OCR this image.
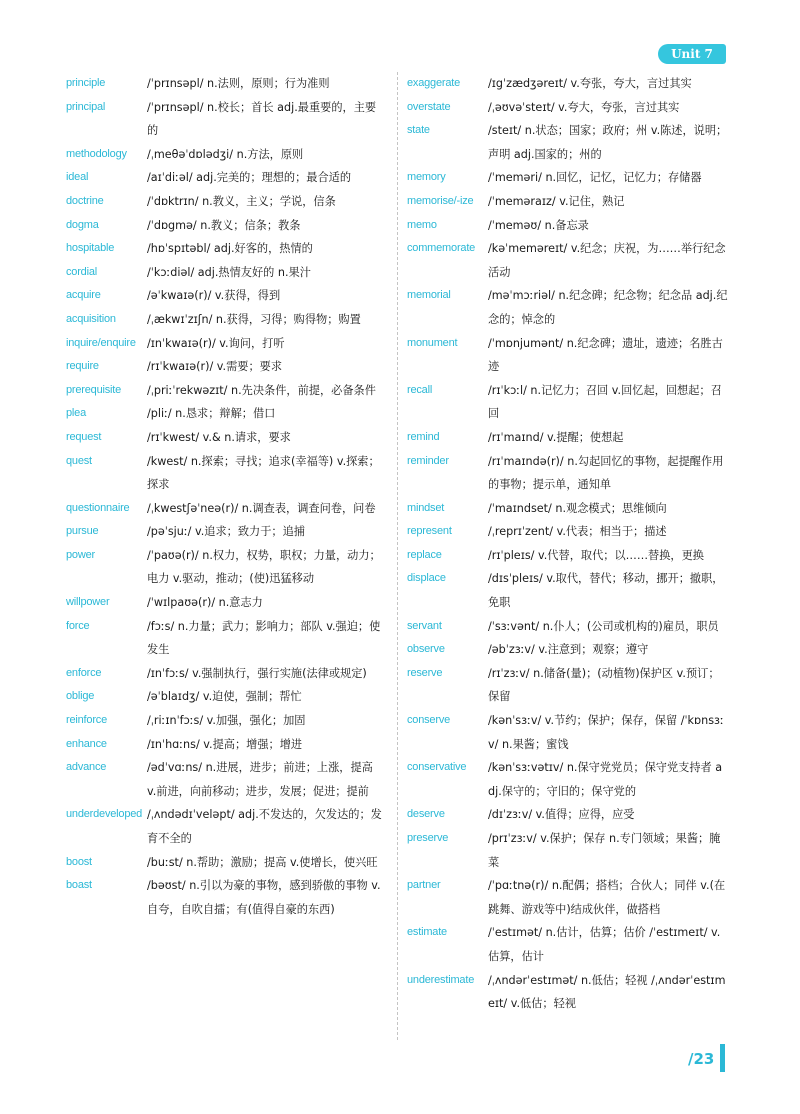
Unit 7
principle	/ˈprɪnsəpl/ n.法则，原则；行为准则
principal	/ˈprɪnsəpl/ n.校长；首长 adj.最重要的，主要的
methodology	/ˌmeθəˈdɒlədʒi/ n.方法，原则
ideal	/aɪˈdiːəl/ adj.完美的；理想的；最合适的
doctrine	/ˈdɒktrɪn/ n.教义，主义；学说，信条
dogma	/ˈdɒgmə/ n.教义；信条；教条
hospitable	/hɒˈspɪtəbl/ adj.好客的，热情的
cordial	/ˈkɔːdiəl/ adj.热情友好的 n.果汁
acquire	/əˈkwaɪə(r)/ v.获得，得到
acquisition	/ˌækwɪˈzɪʃn/ n.获得，习得；购得物；购置
inquire/enquire	/ɪnˈkwaɪə(r)/ v.询问，打听
require	/rɪˈkwaɪə(r)/ v.需要；要求
prerequisite	/ˌpriːˈrekwəzɪt/ n.先决条件，前提，必备条件
plea	/pliː/ n.恳求；辩解；借口
request	/rɪˈkwest/ v.& n.请求，要求
quest	/kwest/ n.探索；寻找；追求(幸福等) v.探索；探求
questionnaire	/ˌkwestʃəˈneə(r)/ n.调查表，调查问卷，问卷
pursue	/pəˈsjuː/ v.追求；致力于；追捕
power	/ˈpaʊə(r)/ n.权力，权势，职权；力量，动力；电力 v.驱动，推动；(使)迅猛移动
willpower	/ˈwɪlpaʊə(r)/ n.意志力
force	/fɔːs/ n.力量；武力；影响力；部队 v.强迫；使发生
enforce	/ɪnˈfɔːs/ v.强制执行，强行实施(法律或规定)
oblige	/əˈblaɪdʒ/ v.迫使，强制；帮忙
reinforce	/ˌriːɪnˈfɔːs/ v.加强，强化；加固
enhance	/ɪnˈhɑːns/ v.提高；增强；增进
advance	/ədˈvɑːns/ n.进展，进步；前进；上涨，提高 v.前进，向前移动；进步，发展；促进；提前
underdeveloped /ˌʌndədɪˈveləpt/ adj.不发达的，欠发达的；发育不全的
boost	/buːst/ n.帮助；激励；提高 v.使增长，使兴旺
boast	/bəʊst/ n.引以为豪的事物，感到骄傲的事物 v.自夸，自吹自擂；有(值得自豪的东西)
exaggerate	/ɪgˈzædʒəreɪt/ v.夸张，夸大，言过其实
overstate	/ˌəʊvəˈsteɪt/ v.夸大，夸张，言过其实
state	/steɪt/ n.状态；国家；政府；州 v.陈述，说明；声明 adj.国家的；州的
memory	/ˈmeməri/ n.回忆，记忆，记忆力；存储器
memorise/-ize	/ˈmeməraɪz/ v.记住，熟记
memo	/ˈmeməʊ/ n.备忘录
commemorate	/kəˈmeməreɪt/ v.纪念；庆祝，为……举行纪念活动
memorial	/məˈmɔːriəl/ n.纪念碑；纪念物；纪念品 adj.纪念的；悼念的
monument	/ˈmɒnjumənt/ n.纪念碑；遗址，遗迹；名胜古迹
recall	/rɪˈkɔːl/ n.记忆力；召回 v.回忆起，回想起；召回
remind	/rɪˈmaɪnd/ v.提醒；使想起
reminder	/rɪˈmaɪndə(r)/ n.勾起回忆的事物，起提醒作用的事物；提示单，通知单
mindset	/ˈmaɪndset/ n.观念模式；思维倾向
represent	/ˌreprɪˈzent/ v.代表；相当于；描述
replace	/rɪˈpleɪs/ v.代替，取代；以……替换，更换
displace	/dɪsˈpleɪs/ v.取代，替代；移动，挪开；撤职，免职
servant	/ˈsɜːvənt/ n.仆人；(公司或机构的)雇员，职员
observe	/əbˈzɜːv/ v.注意到；观察；遵守
reserve	/rɪˈzɜːv/ n.储备(量)；(动植物)保护区 v.预订；保留
conserve	/kənˈsɜːv/ v.节约；保护；保存，保留 /ˈkɒnsɜːv/ n.果酱；蜜饯
conservative	/kənˈsɜːvətɪv/ n.保守党党员；保守党支持者 adj.保守的；守旧的；保守党的
deserve	/dɪˈzɜːv/ v.值得；应得，应受
preserve	/prɪˈzɜːv/ v.保护；保存 n.专门领域；果酱；腌菜
partner	/ˈpɑːtnə(r)/ n.配偶；搭档；合伙人；同伴 v.(在跳舞、游戏等中)结成伙伴，做搭档
estimate	/ˈestɪmət/ n.估计，估算；估价 /ˈestɪmeɪt/ v.估算，估计
underestimate	/ˌʌndərˈestɪmət/ n.低估；轻视 /ˌʌndərˈestɪmeɪt/ v.低估；轻视
/23
